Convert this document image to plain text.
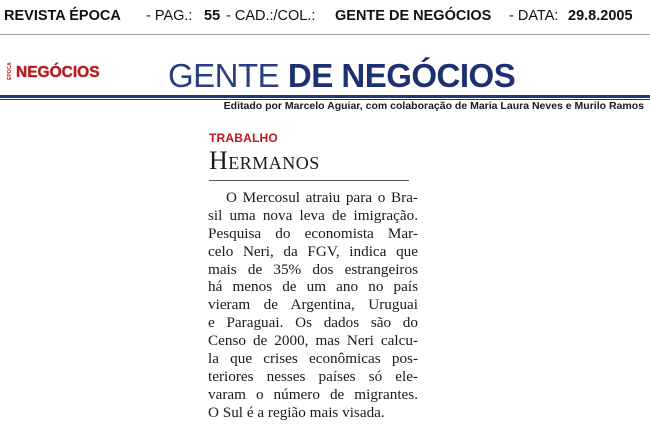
REVISTA ÉPOCA - PAG.: 55 - CAD.:/COL.: GENTE DE NEGÓCIOS - DATA: 29.8.2005
ÉPOCA NEGÓCIOS GENTE DE NEGÓCIOS
Editado por Marcelo Aguiar, com colaboração de Maria Laura Neves e Murilo Ramos
TRABALHO
Hermanos
O Mercosul atraiu para o Bra-
sil uma nova leva de imigração.
Pesquisa do economista Mar-
celo Neri, da FGV, indica que
mais de 35% dos estrangeiros
há menos de um ano no país
vieram de Argentina, Uruguai
e Paraguai. Os dados são do
Censo de 2000, mas Neri calcu-
la que crises econômicas pos-
teriores nesses países só ele-
varam o número de migrantes.
O Sul é a região mais visada.
